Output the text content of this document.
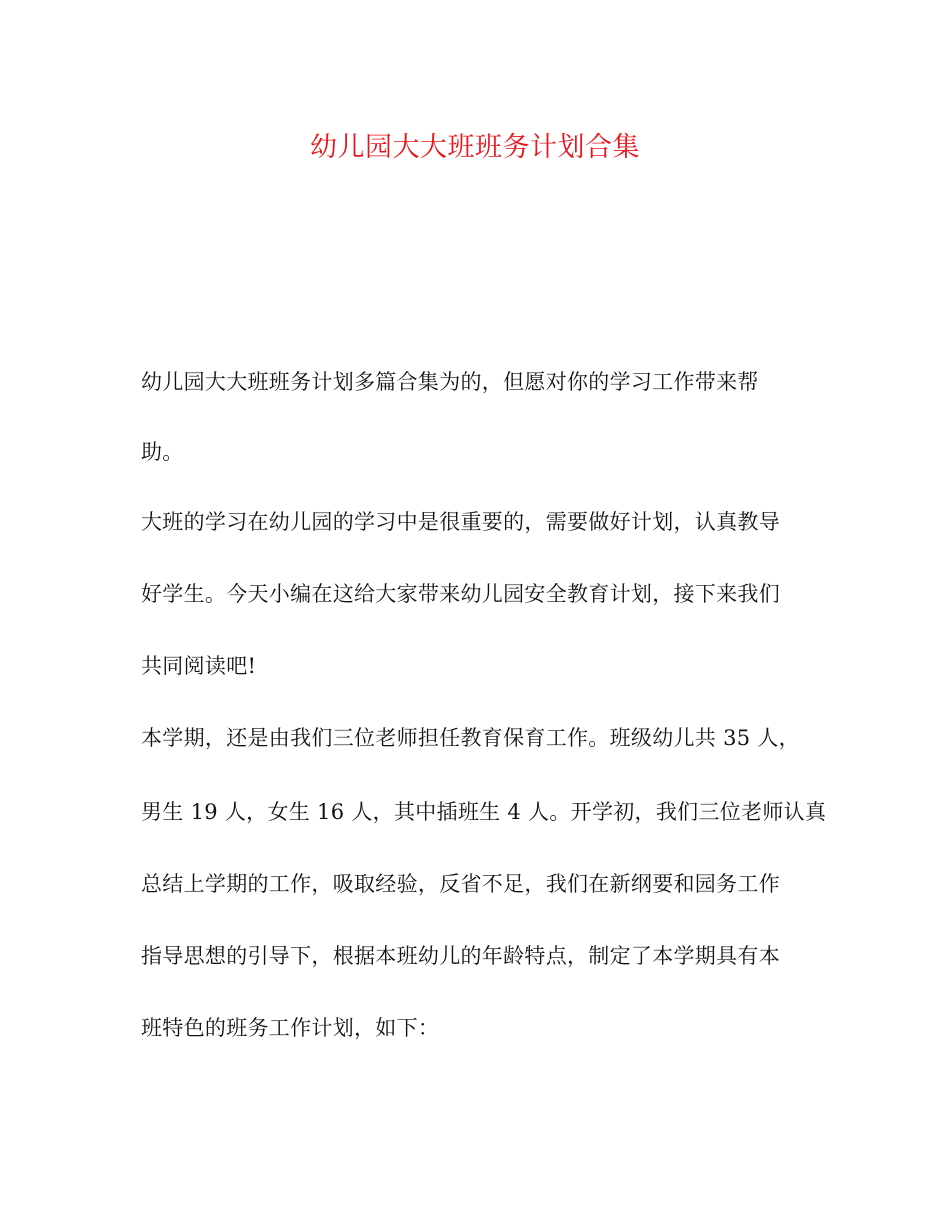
幼儿园大大班班务计划合集
幼儿园大大班班务计划多篇合集为的，但愿对你的学习工作带来帮
助。
大班的学习在幼儿园的学习中是很重要的，需要做好计划，认真教导
好学生。今天小编在这给大家带来幼儿园安全教育计划，接下来我们
共同阅读吧!
本学期，还是由我们三位老师担任教育保育工作。班级幼儿共 35 人，
男生 19 人，女生 16 人，其中插班生 4 人。开学初，我们三位老师认真
总结上学期的工作，吸取经验，反省不足，我们在新纲要和园务工作
指导思想的引导下，根据本班幼儿的年龄特点，制定了本学期具有本
班特色的班务工作计划，如下：
